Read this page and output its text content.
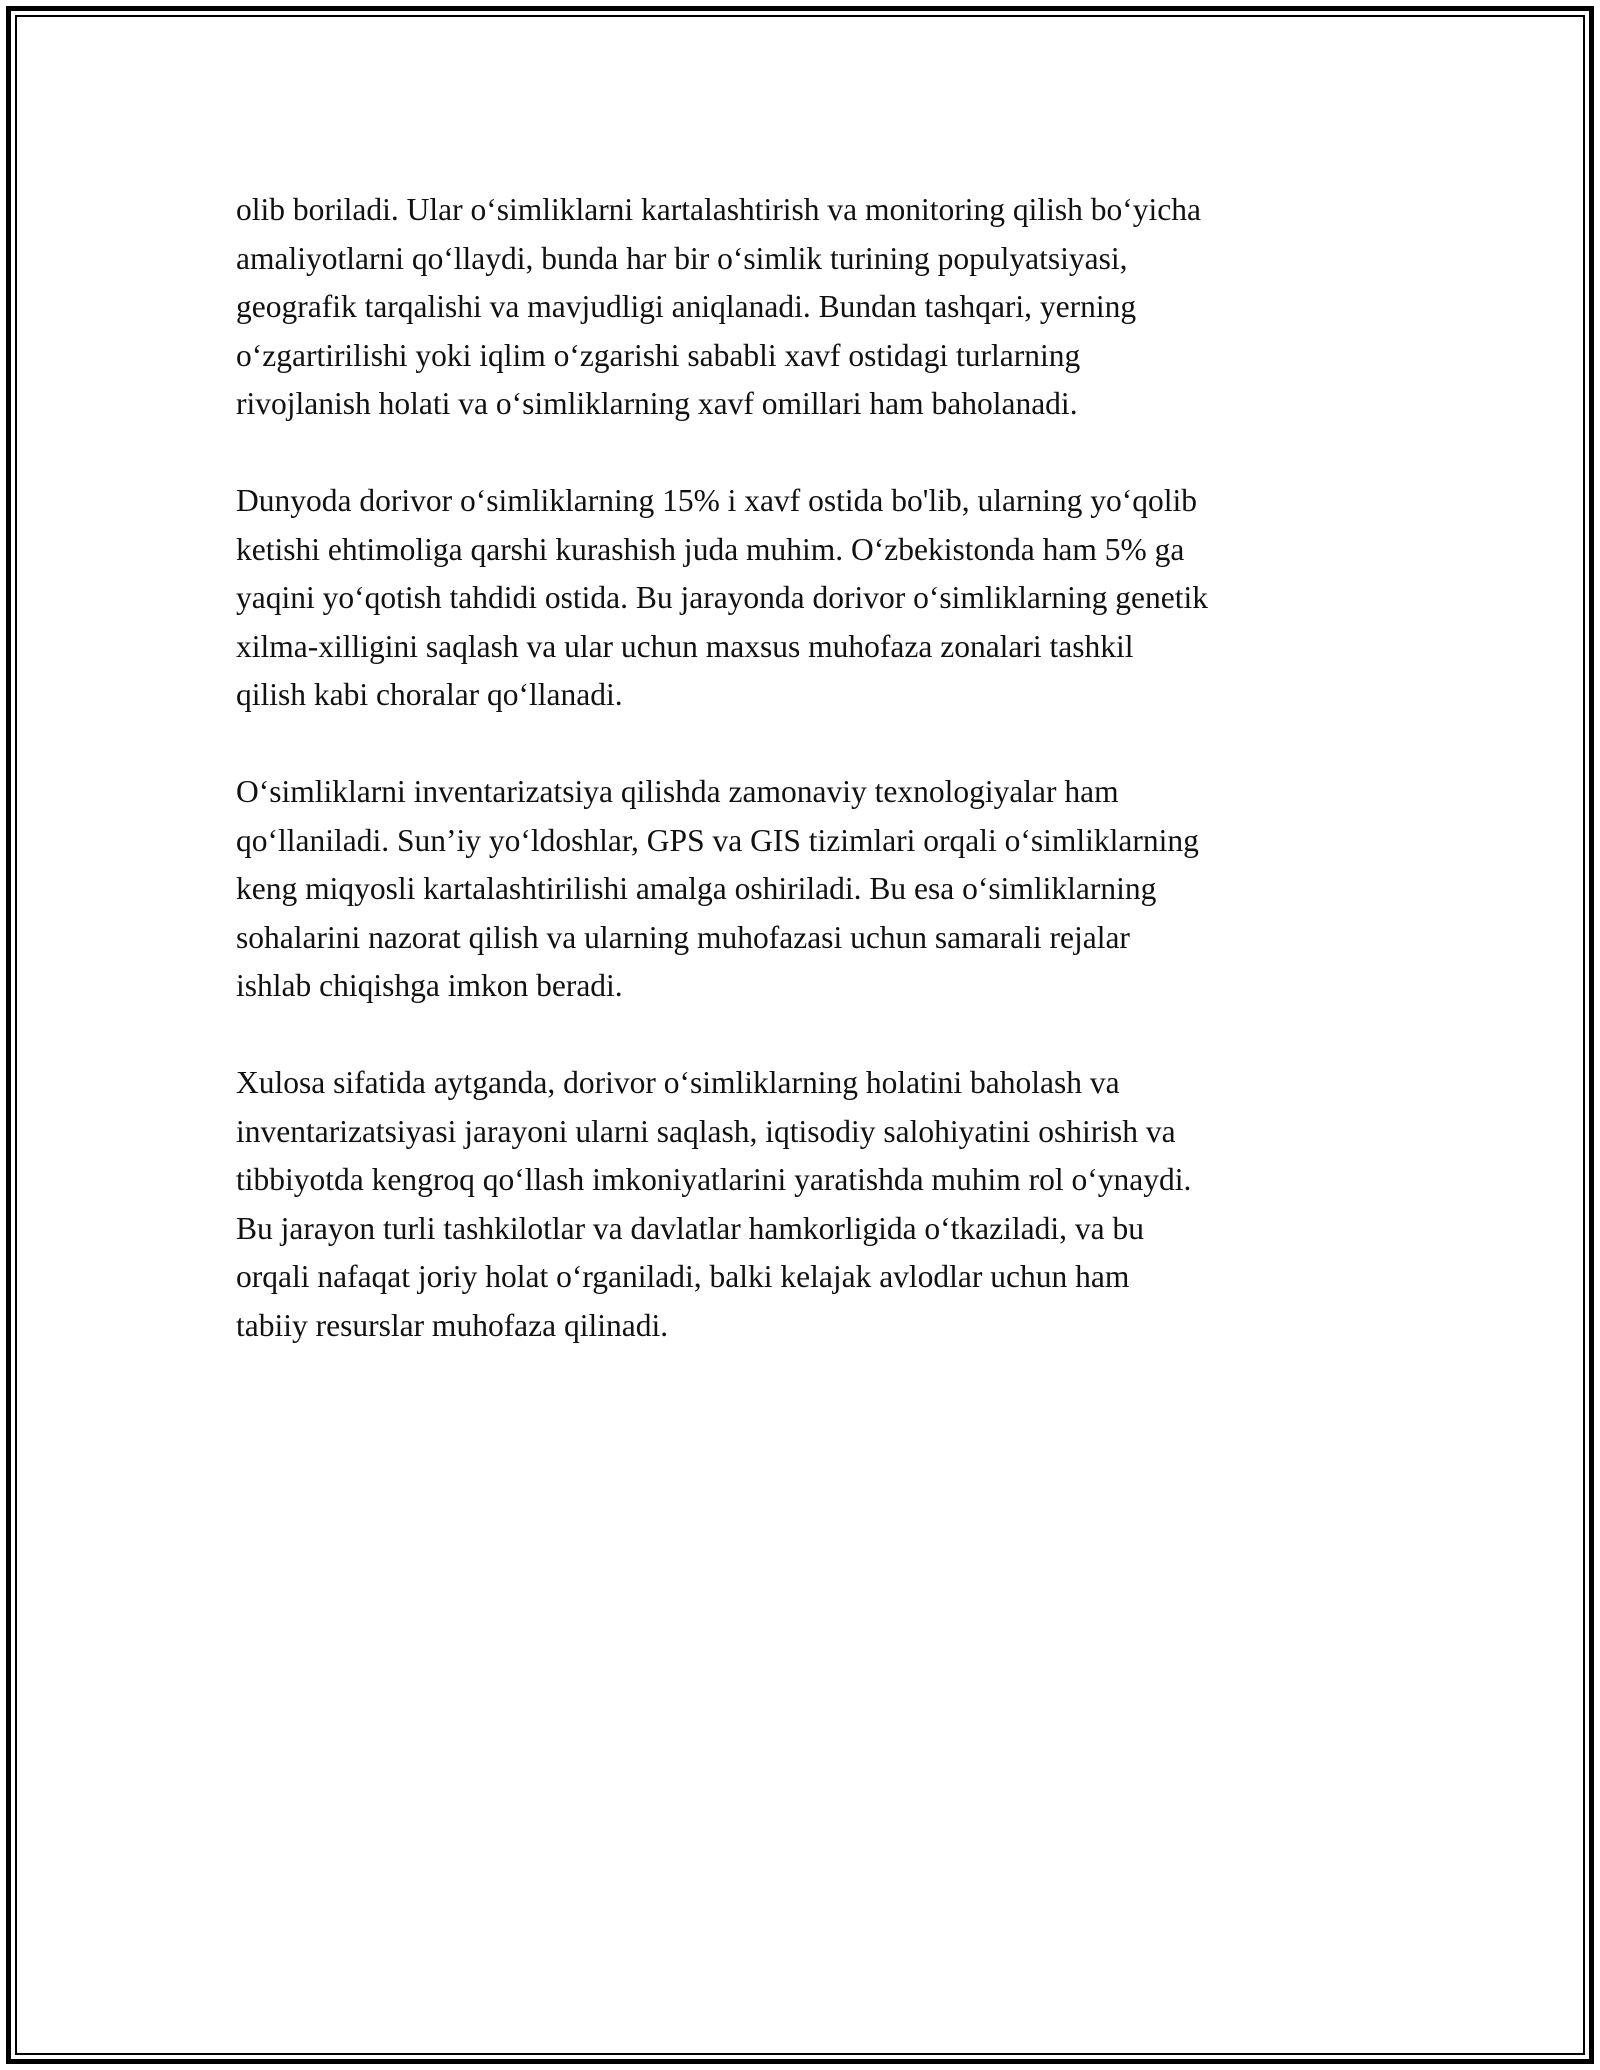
olib boriladi. Ular o‘simliklarni kartalashtirish va monitoring qilish bo‘yicha
amaliyotlarni qo‘llaydi, bunda har bir o‘simlik turining populyatsiyasi,
geografik tarqalishi va mavjudligi aniqlanadi. Bundan tashqari, yerning
o‘zgartirilishi yoki iqlim o‘zgarishi sababli xavf ostidagi turlarning
rivojlanish holati va o‘simliklarning xavf omillari ham baholanadi.

Dunyoda dorivor o‘simliklarning 15% i xavf ostida bo'lib, ularning yo‘qolib
ketishi ehtimoliga qarshi kurashish juda muhim. O‘zbekistonda ham 5% ga
yaqini yo‘qotish tahdidi ostida. Bu jarayonda dorivor o‘simliklarning genetik
xilma-xilligini saqlash va ular uchun maxsus muhofaza zonalari tashkil
qilish kabi choralar qo‘llanadi.

O‘simliklarni inventarizatsiya qilishda zamonaviy texnologiyalar ham
qo‘llaniladi. Sun’iy yo‘ldoshlar, GPS va GIS tizimlari orqali o‘simliklarning
keng miqyosli kartalashtirilishi amalga oshiriladi. Bu esa o‘simliklarning
sohalarini nazorat qilish va ularning muhofazasi uchun samarali rejalar
ishlab chiqishga imkon beradi.

Xulosa sifatida aytganda, dorivor o‘simliklarning holatini baholash va
inventarizatsiyasi jarayoni ularni saqlash, iqtisodiy salohiyatini oshirish va
tibbiyotda kengroq qo‘llash imkoniyatlarini yaratishda muhim rol o‘ynaydi.
Bu jarayon turli tashkilotlar va davlatlar hamkorligida o‘tkaziladi, va bu
orqali nafaqat joriy holat o‘rganiladi, balki kelajak avlodlar uchun ham
tabiiy resurslar muhofaza qilinadi.
